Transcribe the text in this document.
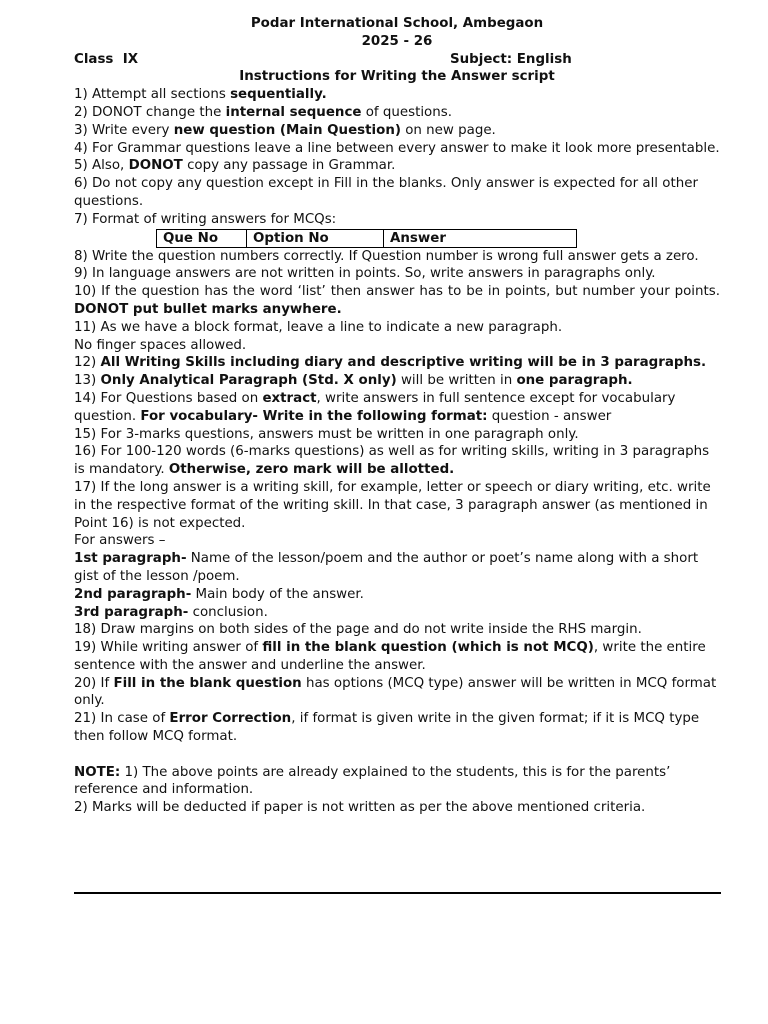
Podar International School, Ambegaon
2025 - 26
Class  IX	Subject: English
Instructions for Writing the Answer script

1) Attempt all sections sequentially.

2) DONOT change the internal sequence of questions.

3) Write every new question (Main Question) on new page.

4) For Grammar questions leave a line between every answer to make it look more presentable.

5) Also, DONOT copy any passage in Grammar.

6) Do not copy any question except in Fill in the blanks. Only answer is expected for all other questions.

7) Format of writing answers for MCQs:

Que No	Option No	Answer

8) Write the question numbers correctly. If Question number is wrong full answer gets a zero.

9) In language answers are not written in points. So, write answers in paragraphs only.

10) If the question has the word ‘list’ then answer has to be in points, but number your points. DONOT put bullet marks anywhere.

11) As we have a block format, leave a line to indicate a new paragraph.

No finger spaces allowed.

12) All Writing Skills including diary and descriptive writing will be in 3 paragraphs.

13) Only Analytical Paragraph (Std. X only) will be written in one paragraph.

14) For Questions based on extract, write answers in full sentence except for vocabulary question. For vocabulary- Write in the following format: question - answer

15) For 3-marks questions, answers must be written in one paragraph only.

16) For 100-120 words (6-marks questions) as well as for writing skills, writing in 3 paragraphs is mandatory. Otherwise, zero mark will be allotted.

17) If the long answer is a writing skill, for example, letter or speech or diary writing, etc. write in the respective format of the writing skill. In that case, 3 paragraph answer (as mentioned in Point 16) is not expected.

For answers –

1st paragraph- Name of the lesson/poem and the author or poet’s name along with a short gist of the lesson /poem.

2nd paragraph- Main body of the answer.

3rd paragraph- conclusion.

18) Draw margins on both sides of the page and do not write inside the RHS margin.

19) While writing answer of fill in the blank question (which is not MCQ), write the entire sentence with the answer and underline the answer.

20) If Fill in the blank question has options (MCQ type) answer will be written in MCQ format only.

21) In case of Error Correction, if format is given write in the given format; if it is MCQ type then follow MCQ format.

NOTE: 1) The above points are already explained to the students, this is for the parents’ reference and information.

2) Marks will be deducted if paper is not written as per the above mentioned criteria.
